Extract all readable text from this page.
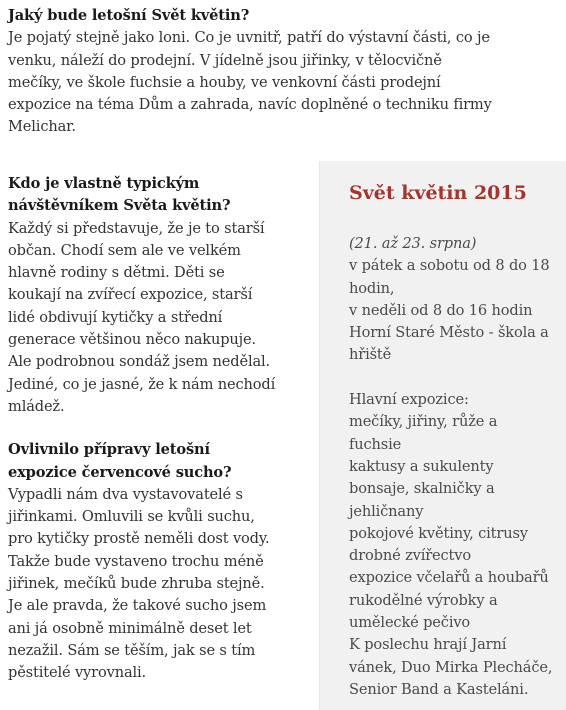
Jaký bude letošní Svět květin?
Je pojatý stejně jako loni. Co je uvnitř, patří do výstavní části, co je
venku, náleží do prodejní. V jídelně jsou jiřinky, v tělocvičně
mečíky, ve škole fuchsie a houby, ve venkovní části prodejní
expozice na téma Dům a zahrada, navíc doplněné o techniku firmy
Melichar.
Kdo je vlastně typickým
návštěvníkem Světa květin?
Každý si představuje, že je to starší
občan. Chodí sem ale ve velkém
hlavně rodiny s dětmi. Děti se
koukají na zvířecí expozice, starší
lidé obdivují kytičky a střední
generace většinou něco nakupuje.
Ale podrobnou sondáž jsem nedělal.
Jediné, co je jasné, že k nám nechodí
mládež.
Ovlivnilo přípravy letošní
expozice červencové sucho?
Vypadli nám dva vystavovatelé s
jiřinkami. Omluvili se kvůli suchu,
pro kytičky prostě neměli dost vody.
Takže bude vystaveno trochu méně
jiřinek, mečíků bude zhruba stejně.
Je ale pravda, že takové sucho jsem
ani já osobně minimálně deset let
nezažil. Sám se těším, jak se s tím
pěstitelé vyrovnali.
Svět květin 2015
(21. až 23. srpna)
v pátek a sobotu od 8 do 18
hodin,
v neděli od 8 do 16 hodin
Horní Staré Město - škola a
hřiště
Hlavní expozice:
mečíky, jiřiny, růže a
fuchsie
kaktusy a sukulenty
bonsaje, skalničky a
jehličnany
pokojové květiny, citrusy
drobné zvířectvo
expozice včelařů a houbařů
rukodělné výrobky a
umělecké pečivo
K poslechu hrají Jarní
vánek, Duo Mirka Plecháče,
Senior Band a Kasteláni.
